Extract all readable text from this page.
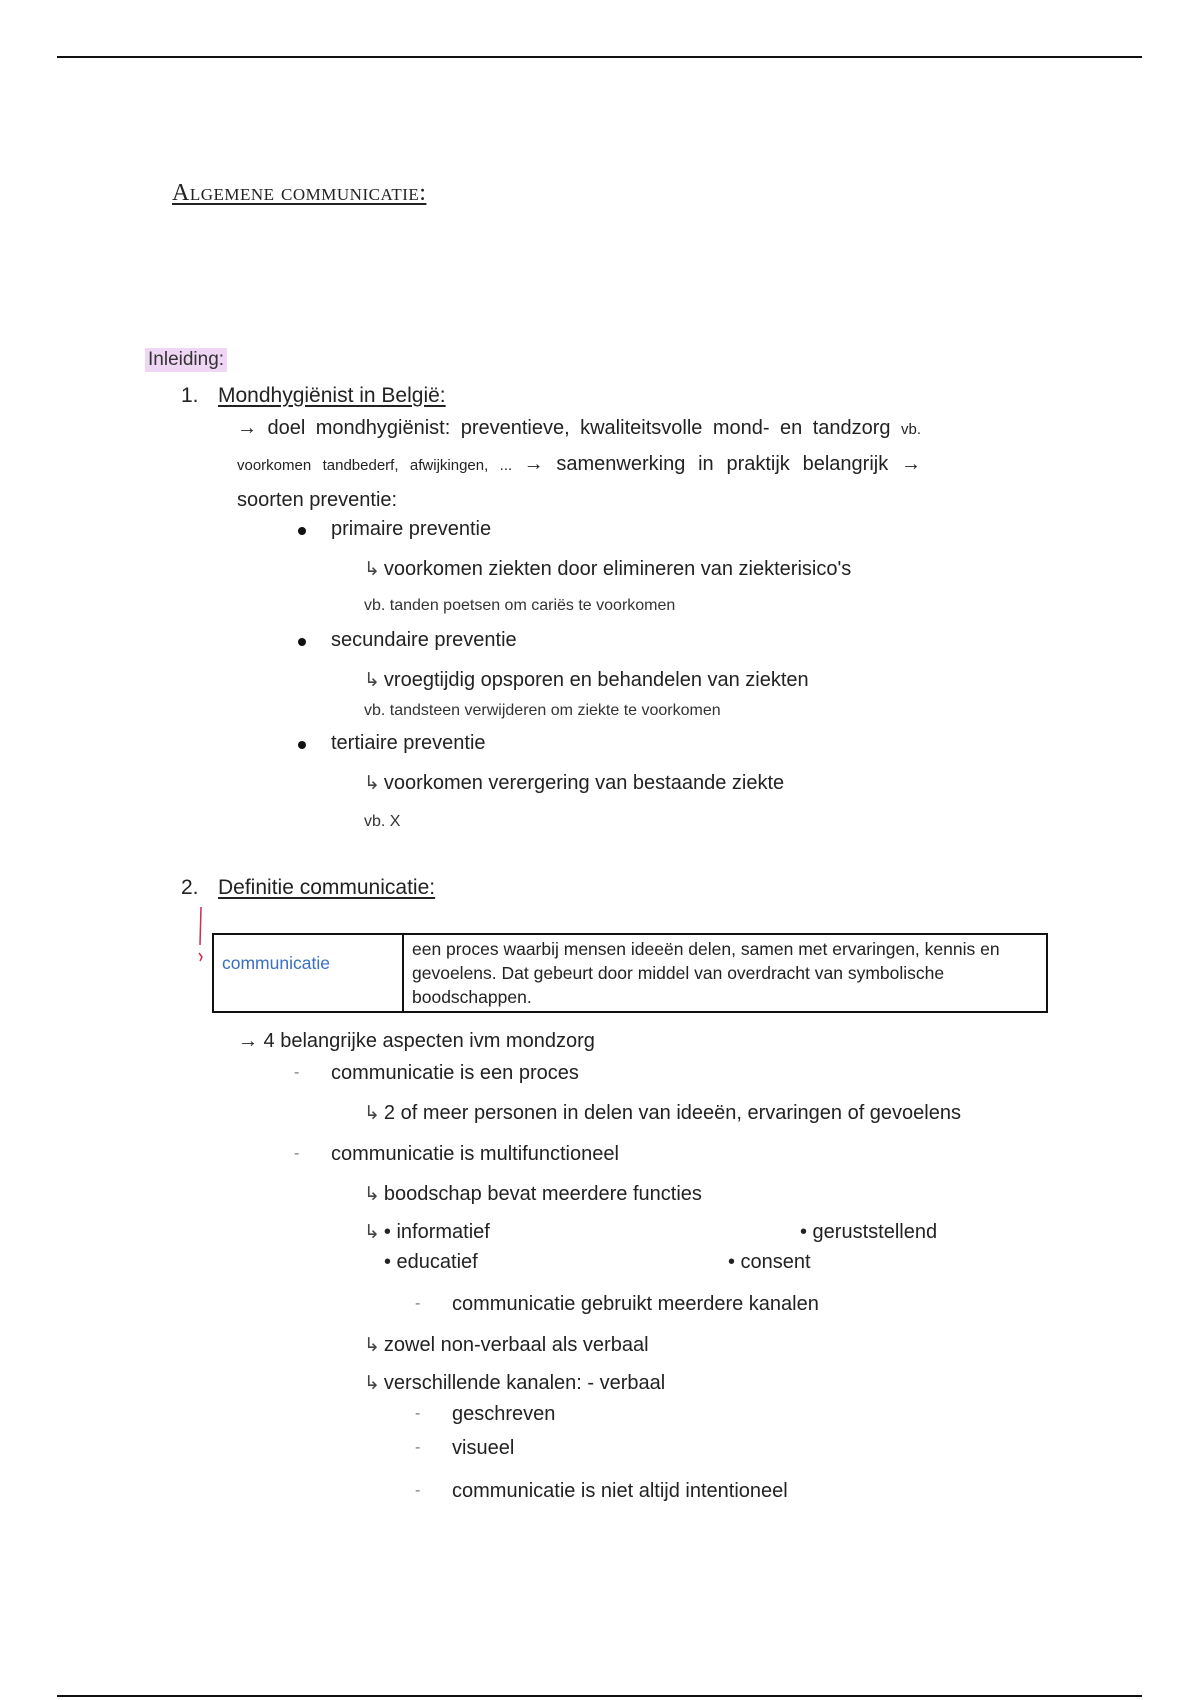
Algemene communicatie:
Inleiding:
1. Mondhygiënist in België:
→ doel mondhygiënist: preventieve, kwaliteitsvolle mond- en tandzorg vb. voorkomen tandbederf, afwijkingen, ... → samenwerking in praktijk belangrijk → soorten preventie:
primaire preventie
↳ voorkomen ziekten door elimineren van ziekterisico's
vb. tanden poetsen om cariës te voorkomen
secundaire preventie
↳ vroegtijdig opsporen en behandelen van ziekten
vb. tandsteen verwijderen om ziekte te voorkomen
tertiaire preventie
↳ voorkomen verergering van bestaande ziekte
vb. X
2. Definitie communicatie:
communicatie	een proces waarbij mensen ideeën delen, samen met ervaringen, kennis en gevoelens. Dat gebeurt door middel van overdracht van symbolische boodschappen.
→ 4 belangrijke aspecten ivm mondzorg
- communicatie is een proces
↳ 2 of meer personen in delen van ideeën, ervaringen of gevoelens
- communicatie is multifunctioneel
↳ boodschap bevat meerdere functies
↳ • informatief	• geruststellend
• educatief	• consent
- communicatie gebruikt meerdere kanalen
↳ zowel non-verbaal als verbaal
↳ verschillende kanalen: - verbaal
- geschreven
- visueel
- communicatie is niet altijd intentioneel
